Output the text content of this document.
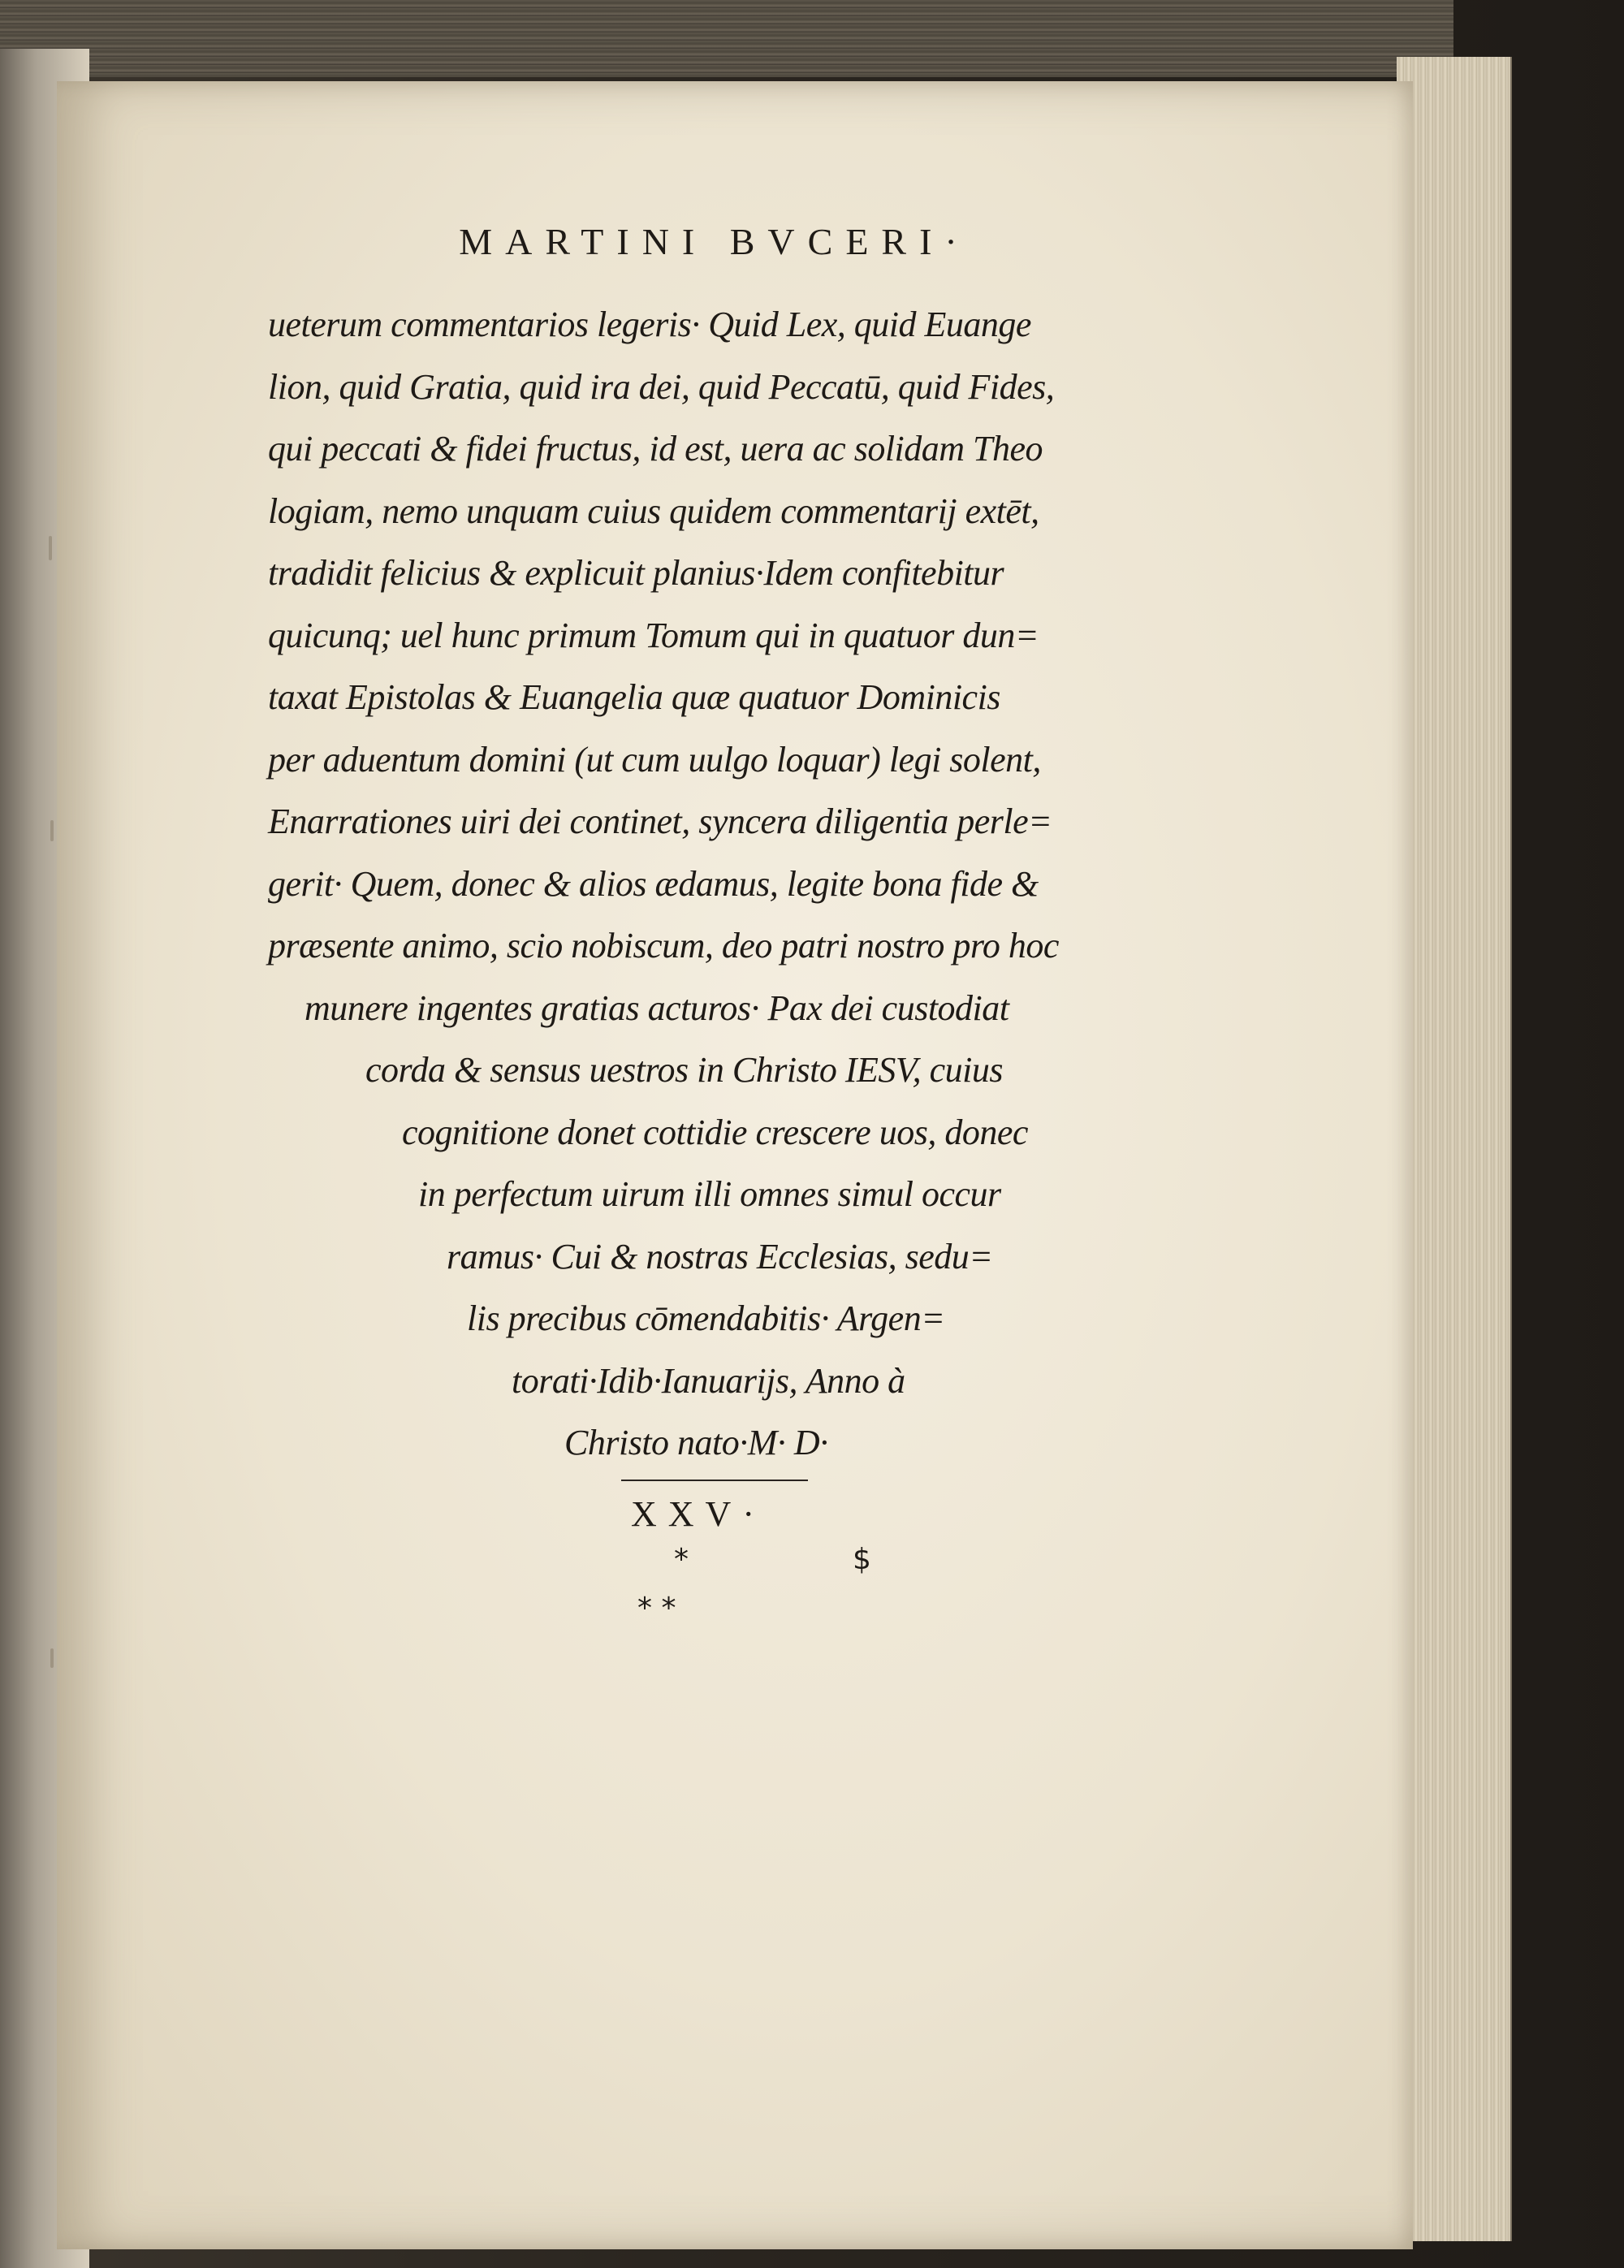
MARTINI BVCERI·
ueterum commentarios legeris· Quid Lex, quid Euange
lion, quid Gratia, quid ira dei, quid Peccatū, quid Fides,
qui peccati & fidei fructus, id est, uera ac solidam Theo
logiam, nemo unquam cuius quidem commentarij extēt,
tradidit felicius & explicuit planius·Idem confitebitur
quicunq; uel hunc primum Tomum qui in quatuor dun=
taxat Epistolas & Euangelia quæ quatuor Dominicis
per aduentum domini (ut cum uulgo loquar) legi solent,
Enarrationes uiri dei continet, syncera diligentia perle=
gerit· Quem, donec & alios ædamus, legite bona fide &
præsente animo, scio nobiscum, deo patri nostro pro hoc
munere ingentes gratias acturos· Pax dei custodiat
corda & sensus uestros in Christo IESV, cuius
cognitione donet cottidie crescere uos, donec
in perfectum uirum illi omnes simul occur
ramus· Cui & nostras Ecclesias, sedu=
lis precibus cōmendabitis· Argen=
torati·Idib·Ianuarijs, Anno à
Christo nato·M· D·
XXV·
*	$
* *
